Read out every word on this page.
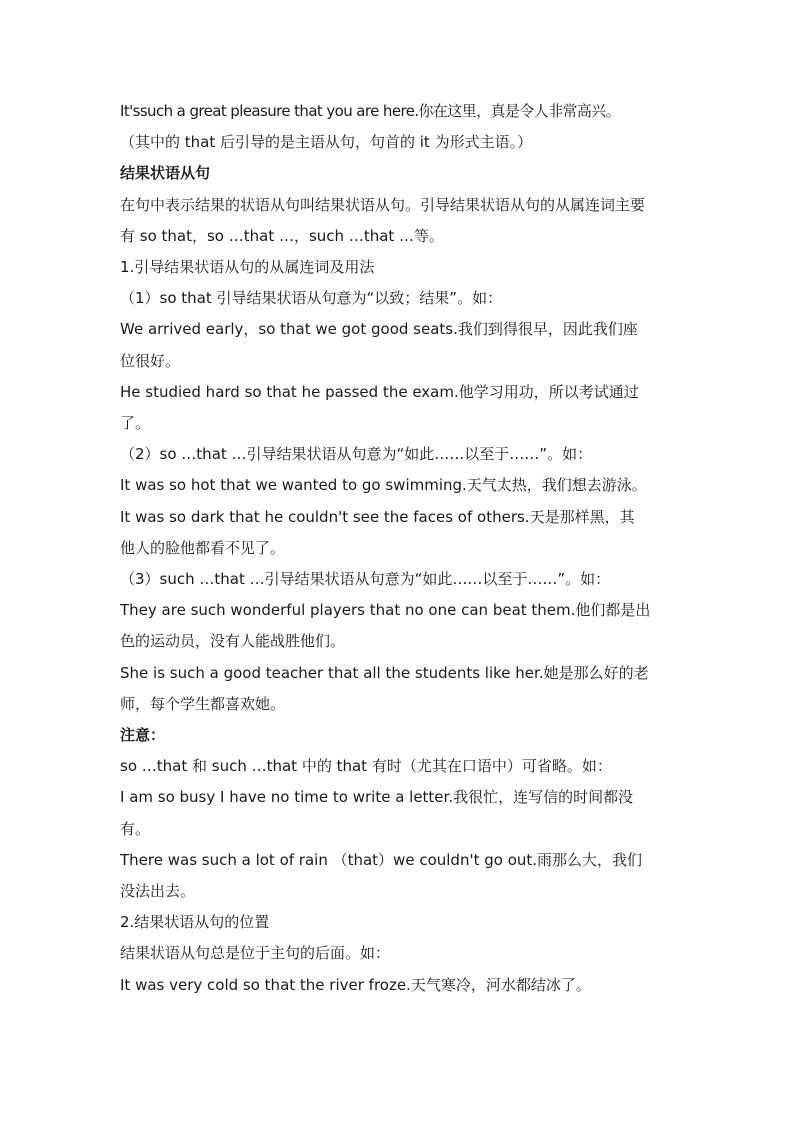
It'ssuch a great pleasure that you are here.你在这里，真是令人非常高兴。
（其中的 that 后引导的是主语从句，句首的 it 为形式主语。）
结果状语从句
在句中表示结果的状语从句叫结果状语从句。引导结果状语从句的从属连词主要
有 so that，so …that …，such …that …等。
1.引导结果状语从句的从属连词及用法
（1）so that 引导结果状语从句意为“以致；结果”。如：
We arrived early，so that we got good seats.我们到得很早，因此我们座
位很好。
He studied hard so that he passed the exam.他学习用功，所以考试通过
了。
（2）so …that …引导结果状语从句意为“如此……以至于……”。如：
It was so hot that we wanted to go swimming.天气太热，我们想去游泳。
It was so dark that he couldn't see the faces of others.天是那样黑，其
他人的脸他都看不见了。
（3）such …that …引导结果状语从句意为“如此……以至于……”。如：
They are such wonderful players that no one can beat them.他们都是出
色的运动员，没有人能战胜他们。
She is such a good teacher that all the students like her.她是那么好的老
师，每个学生都喜欢她。
注意：
so …that 和 such …that 中的 that 有时（尤其在口语中）可省略。如：
I am so busy I have no time to write a letter.我很忙，连写信的时间都没
有。
There was such a lot of rain （that）we couldn't go out.雨那么大，我们
没法出去。
2.结果状语从句的位置
结果状语从句总是位于主句的后面。如：
It was very cold so that the river froze.天气寒冷，河水都结冰了。
